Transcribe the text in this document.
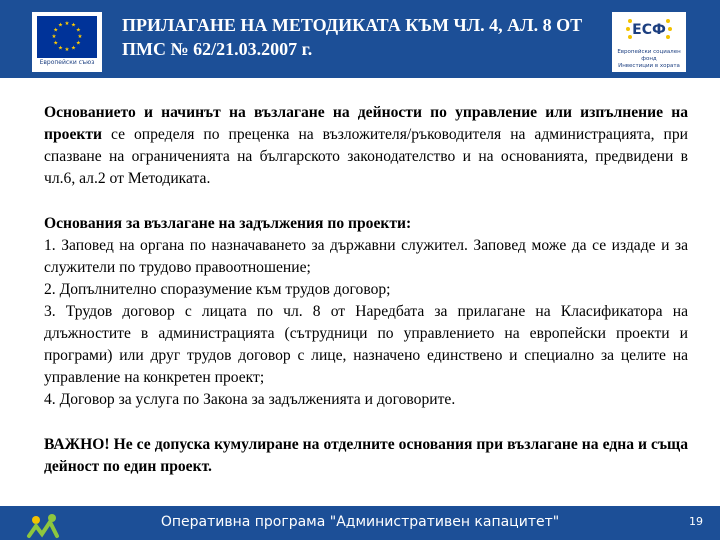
★ ★
★
★
★
★
★
★
★
★
★
★
Европейски съюз
ПРИЛАГАНЕ НА МЕТОДИКАТА КЪМ ЧЛ. 4, АЛ. 8 ОТ
ПМС № 62/21.03.2007 г.
ЕСФ
Европейски социален фонд
Инвестиции в хората

Основанието и начинът на възлагане на дейности по управление или изпълнение на проекти се определя по преценка на възложителя/ръководителя на администрацията, при спазване на ограниченията на българското законодателство и на основанията, предвидени в чл.6, ал.2 от Методиката.

Основания за възлагане на задължения по проекти:

1. Заповед на органа по назначаването за държавни служител. Заповед може да се издаде и за служители по трудово правоотношение;

2. Допълнително споразумение към трудов договор;

3. Трудов договор с лицата по чл. 8 от Наредбата за прилагане на Класификатора на длъжностите в администрацията (сътрудници по управлението на европейски проекти и програми) или друг трудов договор с лице, назначено единствено и специално за целите на управление на конкретен проект;

4. Договор за услуга по Закона за задълженията и договорите.

ВАЖНО! Не се допуска кумулиране на отделните основания при възлагане на една и съща дейност по един проект.

Оперативна програма "Административен капацитет"	19
